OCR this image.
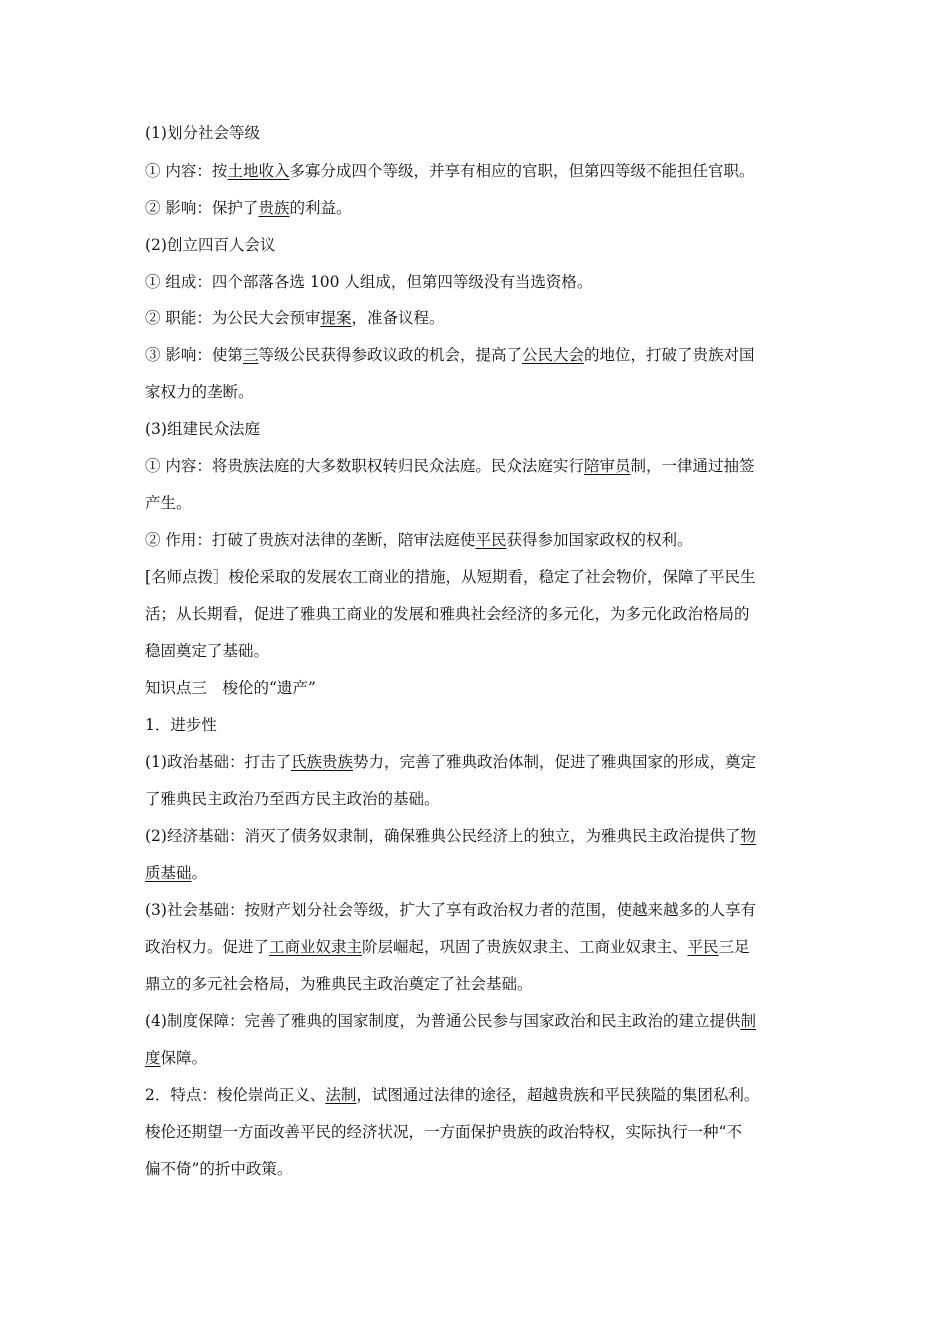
(1)划分社会等级

① 内容：按土地收入多寡分成四个等级，并享有相应的官职，但第四等级不能担任官职。

② 影响：保护了贵族的利益。

(2)创立四百人会议

① 组成：四个部落各选 100 人组成，但第四等级没有当选资格。

② 职能：为公民大会预审提案，准备议程。

③ 影响：使第三等级公民获得参政议政的机会，提高了公民大会的地位，打破了贵族对国

家权力的垄断。

(3)组建民众法庭

① 内容：将贵族法庭的大多数职权转归民众法庭。民众法庭实行陪审员制，一律通过抽签

产生。

② 作用：打破了贵族对法律的垄断，陪审法庭使平民获得参加国家政权的权利。

[名师点拨］梭伦采取的发展农工商业的措施，从短期看，稳定了社会物价，保障了平民生

活；从长期看，促进了雅典工商业的发展和雅典社会经济的多元化，为多元化政治格局的

稳固奠定了基础。

知识点三　梭伦的“遗产”

1．进步性

(1)政治基础：打击了氏族贵族势力，完善了雅典政治体制，促进了雅典国家的形成，奠定

了雅典民主政治乃至西方民主政治的基础。

(2)经济基础：消灭了债务奴隶制，确保雅典公民经济上的独立，为雅典民主政治提供了物

质基础。

(3)社会基础：按财产划分社会等级，扩大了享有政治权力者的范围，使越来越多的人享有

政治权力。促进了工商业奴隶主阶层崛起，巩固了贵族奴隶主、工商业奴隶主、平民三足

鼎立的多元社会格局，为雅典民主政治奠定了社会基础。

(4)制度保障：完善了雅典的国家制度，为普通公民参与国家政治和民主政治的建立提供制

度保障。

2．特点：梭伦崇尚正义、法制，试图通过法律的途径，超越贵族和平民狭隘的集团私利。

梭伦还期望一方面改善平民的经济状况，一方面保护贵族的政治特权，实际执行一种“不

偏不倚”的折中政策。
